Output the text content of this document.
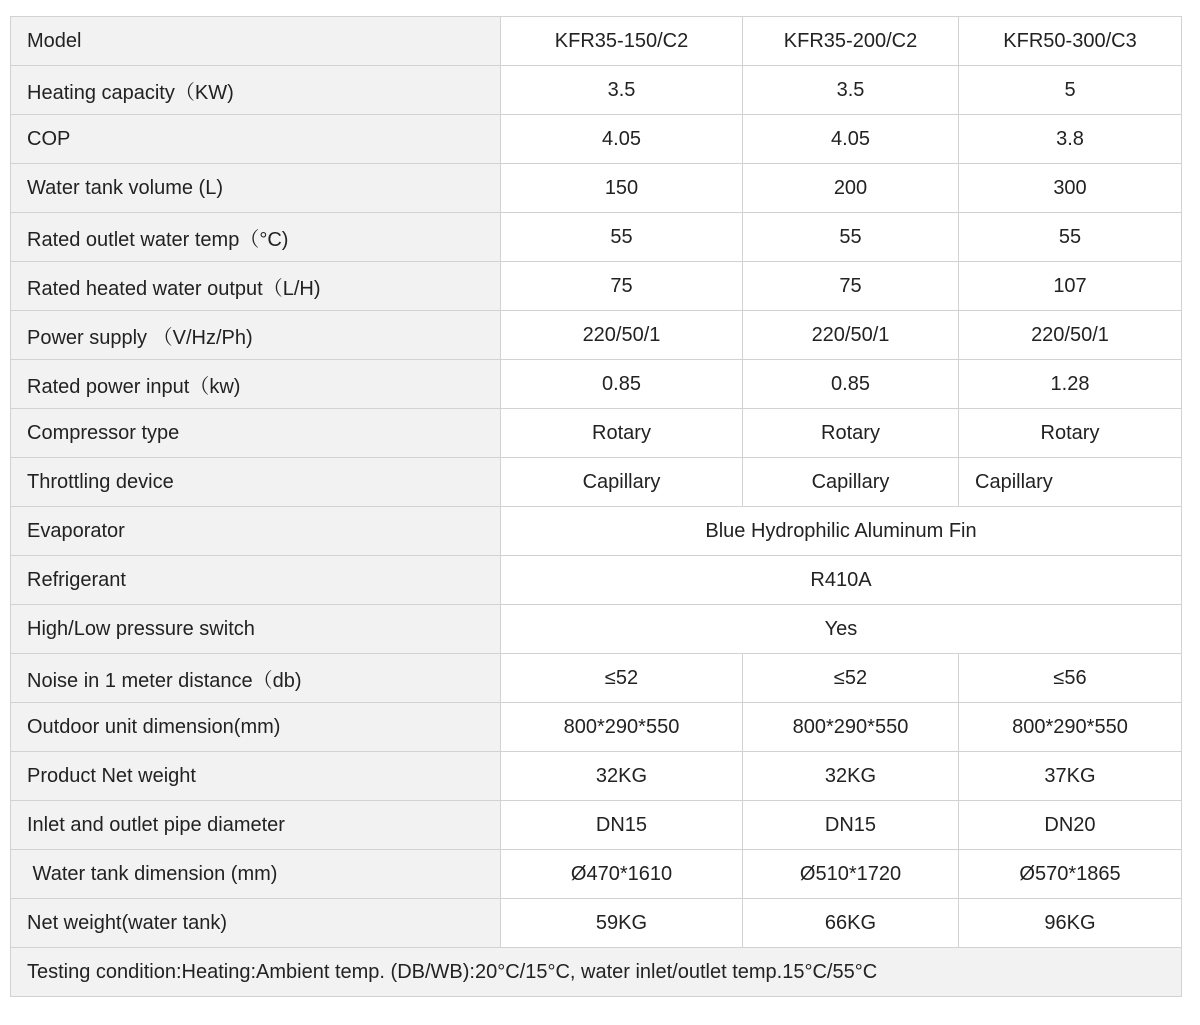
Model	KFR35-150/C2	KFR35-200/C2	KFR50-300/C3
Heating capacity（KW)	3.5	3.5	5
COP	4.05	4.05	3.8
Water tank volume (L)	150	200	300
Rated outlet water temp（°C)	55	55	55
Rated heated water output（L/H)	75	75	107
Power supply （V/Hz/Ph)	220/50/1	220/50/1	220/50/1
Rated power input（kw)	0.85	0.85	1.28
Compressor type	Rotary	Rotary	Rotary
Throttling device	Capillary	Capillary	Capillary
Evaporator	Blue Hydrophilic Aluminum Fin		
Refrigerant	R410A		
High/Low pressure switch	Yes		
Noise in 1 meter distance（db)	≤52	≤52	≤56
Outdoor unit dimension(mm)	800*290*550	800*290*550	800*290*550
Product Net weight	32KG	32KG	37KG
Inlet and outlet pipe diameter	DN15	DN15	DN20
Water tank dimension (mm)	Ø470*1610	Ø510*1720	Ø570*1865
Net weight(water tank)	59KG	66KG	96KG
Testing condition:Heating:Ambient temp. (DB/WB):20°C/15°C, water inlet/outlet temp.15°C/55°C			
